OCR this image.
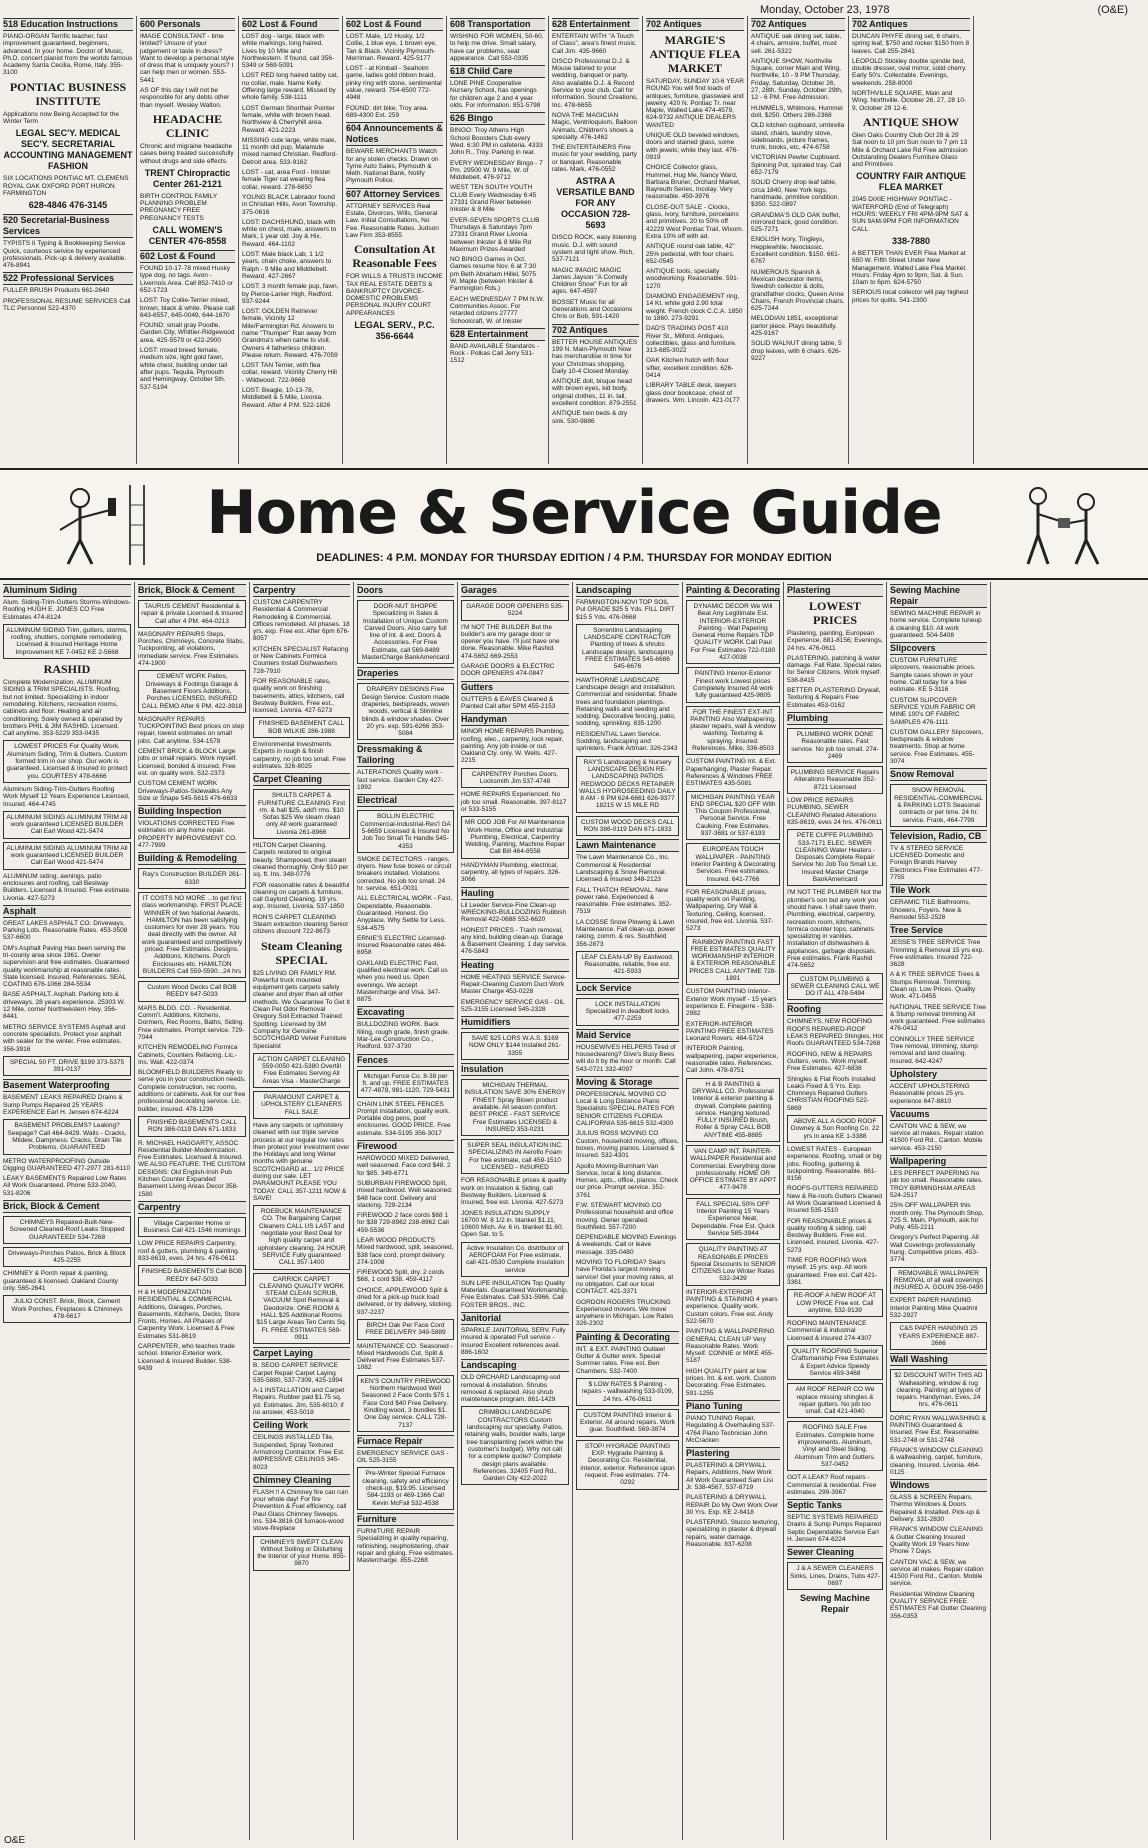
Monday, October 23, 1978	(O&E)
518 Education Instructions
PIANO-ORGAN Terrific teacher, fast improvement guaranteed, beginners, advanced. In your home. Doctor of Music, Ph.D. concert pianist from the worlds famous Academy Santa Cecilia, Rome, Italy. 355-3100
PONTIAC BUSINESS INSTITUTE
Applications now Being Accepted for the Winter Term
LEGAL SEC'Y. MEDICAL SEC'Y. SECRETARIAL ACCOUNTING MANAGEMENT FASHION
SIX LOCATIONS PONTIAC MT. CLEMENS ROYAL OAK OXFORD PORT HURON FARMINGTON
628-4846 476-3145
520 Secretarial-Business Services
TYPISTS II Typing & Bookkeeping Service Quick, courteous service by experienced professionals. Pick-up & delivery available. 476-8941
522 Professional Services
FULLER BRUSH Products 661-2640
PROFESSIONAL RESUME SERVICES Call TLC Personnel 522-4370
600 Personals
IMAGE CONSULTANT - time limited? Unsure of your judgement or taste in dress? Want to develop a personal style of dress that is uniquely yours? I can help men or women. 553-5441
AS OF this day I will not be responsible for any debts other than myself. Wesley Walton.
HEADACHE CLINIC
Chronic and migraine headache cases being treated successfully without drugs and side effects.
TRENT Chiropractic Center 261-2121
BIRTH CONTROL FAMILY PLANNING PROBLEM PREGNANCY FREE PREGNANCY TESTS
CALL WOMEN'S CENTER 476-8558
602 Lost & Found
FOUND 10-17-78 mixed Husky type dog, no tags. Avon - Livernois Area. Call 852-7410 or 652-1723
LOST: Toy Collie-Terrier mixed, brown, black & white. Please call 643-6557, 645-0049, 644-1670
FOUND: small gray Poodle, Garden City, Whittier-Ridgewood area. 425-5579 or 422-2900
LOST: mixed breed female, medium size, light gold fawn, white chest, building under tail after pups. Tequila. Plymouth and Hemingway, October 5th. 537-5194
602 Lost & Found
LOST dog - large, black with white markings, long haired. Lives by 10 Mile and Northwestern. If found, call 356-5349 or 569-5091
LOST RED long haired tabby cat, no collar, male. Name Kelly. Offering large reward. Missed by whole family. 538-1111
LOST German Shorthair Pointer female, white with brown head. Northview & Cherryhill area. Reward. 421-2223
MISSING cute large, white male, 11 month old pup, Malamute mixed named Christian. Redford-Detroit area. 533-9162
LOST - cat, area Ford - Inkster female Tiger cat wearing flea collar, reward. 278-6650
YOUNG BLACK Labrador found in Christian Hills, Avon Township. 375-0616
LOST: DACHSHUND, black with white on chest, male, answers to Mark, 1 year old. Joy & Hix. Reward. 464-1102
LOST: Male black Lab, 1 1/2 years, chain choke, answers to Ralph - 9 Mile and Middlebelt. Reward. 427-2667
LOST: 3 month female pup, fawn, by Pierce-Lanier High, Redford. 937-9244
LOST: GOLDEN Retriever female, Vicinity 12 Mile/Farmington Rd. Answers to name "Thumper" Ran away from Grandma's when came to visit. Owners 4 fatherless children. Please return. Reward. 476-7059
LOST TAN Terrier, with flea collar, reward. Vicinity Cherry Hill - Wildwood. 722-9668
LOST: Beagle, 10-13-78, Middlebelt & 5 Mile, Livonia. Reward. After 4 P.M. 522-1826
602 Lost & Found
LOST: Male, 1/2 Husky, 1/2 Collie, 1 blue eye, 1 brown eye, Tan & Black. Vicinity Plymouth-Merriman. Reward. 425-5177
LOST - at Kimball - Seaholm game, ladies gold ribbon braid, pinky ring with stone, sentimental value, reward. 754-6500 772-4948
FOUND: dirt bike, Troy area. 689-4300 Ext. 259
604 Announcements & Notices
BEWARE MERCHANTS Watch for any stolen checks. Drawn on Tyme Auto Sales, Plymouth & Meth. National Bank, Notify Plymouth Police.
607 Attorney Services
ATTORNEY SERVICES Real Estate, Divorces, Wills, General Law. Initial Consultations, No Fee. Reasonable Rates. Judson Law Firm 353-8555
Consultation At Reasonable Fees
FOR WILLS & TRUSTS INCOME TAX REAL ESTATE DEBTS & BANKRUPTCY DIVORCE-DOMESTIC PROBLEMS PERSONAL INJURY COURT APPEARANCES
LEGAL SERV., P.C. 356-6644
608 Transportation
WISHING FOR WOMEN, 50-60, to help me drive. Small salary, have car problems, seat appearance. Call 553-0335
618 Child Care
LONE PINE Cooperative Nursery School, has openings for children age 2 and 4 year olds. For information. 851-5798
626 Bingo
BINGO: Troy Athens High School Boosters Club every Wed. 6:30 PM in cafeteria. 4333 John R., Troy. Parking in rear.
EVERY WEDNESDAY Bingo - 7 Pm. 29500 W. 9 Mile, W. of Middlebelt. 476-9712
WEST TEN SOUTH YOUTH CLUB Every Wednesday 6:45 27331 Grand River between Inkster & 8 Mile
EVER-SEVEN SPORTS CLUB Thursdays & Saturdays 7pm 27331 Grand River Livonia between Inkster & 8 Mile Rd Maximum Prizes Awarded
NO BINGO Games in Oct. Games resume Nov. 6 at 7:30 pm Beth Abraham Hillel, 5075 W. Maple (between Inkster & Farmington Rds.)
EACH WEDNESDAY 7 PM N.W. Communities Assoc. For retarded citizens 27777 Schoolcraft, W. of Inkster
628 Entertainment
BAND AVAILABLE Standards - Rock - Polkas Call Jerry 531-1512
628 Entertainment
ENTERTAIN WITH "A Touch of Class", area's finest music. Call Jim. 435-9660
DISCO Professional D.J. & Mouse tailored to your wedding, banquet or party. Also available D.J. & Record Service to your club. Call for information. Sound Creations, Inc. 478-6655
NOVA THE MAGICIAN Magic, Ventriloquism, Balloon Animals, Children's shows a specialty. 476-1462
THE ENTERTAINERS Fine music for your wedding, party or banquet. Reasonable rates. Mark, 476-0552
ASTRA A VERSATILE BAND FOR ANY OCCASION 728-5693
DISCO ROCK, easy listening music. D.J. with sound system and light show. Rich, 537-7121
MAGIC IMAGIC MAGIC James Jayson "A Comedy Children Show" Fun for all ages. 647-4597
BOSSET Music for all Generations and Occasions Chris or Bob, 591-1420
702 Antiques
BETTER HOUSE ANTIQUES 199 N. Main-Plymouth Now has merchandise in time for your Christmas shopping. Daily 10-4 Closed Monday.
ANTIQUE doll, bisque head with brown eyes, kid body, original clothes, 11 in. tall, excellent condition. 879-2551
ANTIQUE twin beds & dry sink. 530-9886
702 Antiques
MARGIE'S ANTIQUE FLEA MARKET
SATURDAY, SUNDAY 10-6 YEAR ROUND You will find loads of antiques, furniture, glassware and jewelry. 420 N. Pontiac Tr. near Maple, Walled Lake 474-4579, 624-9732 ANTIQUE DEALERS WANTED
UNIQUE OLD beveled windows, doors and stained glass, some with jewels; while they last. 476-0919
CHOICE Collector glass, Hummel, Hug Me, Nancy Ward, Barbara Bruner, Orchard Market, Bayreuth Series, Incolay. Very reasonable. 459-3976
CLOSE-OUT SALE - Clocks, glass, ivory, furniture, porcelains and primitives. 20 to 50% off 42229 West Pontiac Trail, Wixom. Extra 10% off with ad.
ANTIQUE round oak table, 42" 25% pedestal, with four chairs. 652-0545
ANTIQUE tools, specialty woodworking. Reasonable. 591-1270
DIAMOND ENGAGEMENT ring, 14 Kt. white gold 2.90 total weight. French clock C.C.A. 1850 to 1860. 273-9291
DAD'S TRADING POST 410 River St., Milford. Antiques, collectibles, glass and furniture. 313-685-3022
OAK Kitchen hutch with flour sifter, excellent condition. 626-0414
LIBRARY TABLE desk, lawyers glass door bookcase, chest of drawers. Wm. Lincoln. 421-0177
702 Antiques
ANTIQUE oak dining set, table, 4 chairs, armoire, buffet, must sell. 261-5322
ANTIQUE SHOW, Northville Square, corner Main and Wing, Northville, 10 - 9 PM Thursday, Friday, Saturday, October 26, 27, 28th. Sunday, October 29th, 12 - 6 PM. Free Admission.
HUMMELS, Whitmore, Hummel doll, $250. Others 286-2368
OLD kitchen cupboard, umbrella stand, chairs, laundry stove, sideboards, picture frames, trunk, books, etc. 474-6758
VICTORIAN Pewter Cupboard. Spinning Pot, spiraled tray. Call 652-7179
SOLID Cherry drop leaf table, circa 1840, New York legs, handmade, primitive condition. $350. 522-0897
GRANDMA'S OLD OAK buffet, mirrored back, good condition. 525-7271
ENGLISH Ivory, Tingleys, Hepplewhite. Neoclassic. Excellent condition. $150. 661-6767
NUMEROUS Spanish & Mexican decorator items, Swedish collector & dolls, grandfather clocks, Queen Anne Chairs, French Provincial chairs. 625-7244
MELODIAN 1851, exceptional parlor piece. Plays beautifully. 425-9167
SOLID WALNUT dining table, 5 drop leaves, with 6 chairs. 626-9227
702 Antiques
DUNCAN PHYFE dining set, 6 chairs, spring leaf, $750 and rocker $150 from 8 leaves. Call 255-2841
LEOPOLD Stickley double spindle bed, double dresser, oval mirror, solid cherry. Early 50's. Collectable. Evenings, weekends. 258-8000
NORTHVILLE SQUARE, Main and Wing. Northville. October 26, 27, 28 10-9, October 29 12-6.
ANTIQUE SHOW
Glen Oaks Country Club Oct 28 & 29 Sat noon to 10 pm Sun noon to 7 pm 13 Mile & Orchard Lake Rd Free admission Outstanding Dealers Furniture Glass and Primitives
COUNTRY FAIR ANTIQUE FLEA MARKET
2045 DIXIE HIGHWAY PONTIAC - WATERFORD (End of Telegraph) HOURS: WEEKLY FRI 4PM-9PM SAT & SUN 9AM-9PM FOR INFORMATION CALL
338-7880
A BETTER THAN EVER Flea Market at 650 W. Fifth Street Under New Management. Walled Lake Flea Market. Hours: Friday 4pm to 9pm, Sat. & Sun. 10am to 6pm. 624-5750
SERIOUS local collector will pay highest prices for quilts. 541-2300
Home & Service Guide
DEADLINES: 4 P.M. MONDAY FOR THURSDAY EDITION / 4 P.M. THURSDAY FOR MONDAY EDITION
Aluminum Siding
Alum. Siding-Trim-Gutters Storms-Windows-Roofing HUGH E. JONES CO Free Estimates 474-8124
ALUMINUM SIDING Trim, gutters, storms, roofing, shutters, complete remodeling. Licensed & Insured Heritage Home Improvement KE 7-0452 KE 2-5668
RASHID
Complete Modernization. ALUMINUM SIDING & TRIM SPECIALISTS. Roofing, but not limited. Specializing in indoor remodeling. Kitchens, recreation rooms, cabinets and floor. Heating and air conditioning. Solely owned & operated by brothers PHIL & JIM RASHID. Licensed. Call anytime. 353-5229 353-0435
LOWEST PRICES For Quality Work. Aluminum Siding, Trim & Gutters. Custom formed trim in our shop. Our work is guaranteed. Licensed & Insured to protect you. COURTESY 478-6666
Aluminum Siding-Trim-Gutters Roofing Work Myself 12 Years Experience Licensed, Insured. 464-4745
ALUMINUM SIDING ALUMINUM TRIM All work guaranteed LICENSED BUILDER Call Earl Wood 421-5474
ALUMINUM SIDING ALUMINUM TRIM All work guaranteed LICENSED BUILDER Call Earl Wood 421-5474
ALUMINUM siding, awnings, patio enclosures and roofing, call Bestway Builders. Licensed & Insured. Free estimate. Livonia. 427-5273
Asphalt
GREAT LAKES ASPHALT CO. Driveways, Parking Lots. Reasonable Rates. 453-3508 537-6600
DM's Asphalt Paving Has been serving the tri-county area since 1961. Owner supervision and free estimates. Guaranteed quality workmanship at reasonable rates. State licensed. Insured. References. SEAL COATING 676-1066 284-5534
BASE ASPHALT. Asphalt. Parking lots & driveways. 28 years experience. 25303 W. 12 Mile, corner Northwestern Hwy. 356-8441
METRO SERVICE SYSTEMS Asphalt and concrete specialists. Protect your asphalt with sealer for the winter. Free estimates. 356-3916
SPECIAL 50 FT. DRIVE $199 373-5375 391-0137
Basement Waterproofing
BASEMENT LEAKS REPAIRED Drains & Sump Pumps Repaired 25 YEARS EXPERIENCE Earl H. Jensen 674-6224
BASEMENT PROBLEMS? Leaking? Seepage? Call 464-8429. Walls - Cracks, Mildew, Dampness. Cracks, Drain Tile Problems. GUARANTEED
METRO WATERPROOFING Outside Digging GUARANTEED 477-2977 281-6110
LEAKY BASEMENTS Repaired Low Rates All Work Guaranteed. Phone 533-2040, 531-8206
Brick, Block & Cement
CHIMNEYS Repaired-Built-New-Screened Cleaned-Roof Leaks Stopped GUARANTEED! 534-7268
Driveways-Porches Patios, Brick & Block 425-2255
CHIMNEY & Porch repair & painting, guaranteed & licensed. Oakland County only. 565-2641
JULIO CONST. Brick, Block, Cement Work Porches, Fireplaces & Chimneys 478-6617
Brick, Block & Cement
TAURUS CEMENT Residential & repair & private Licensed & Insured Call after 4 PM. 464-0213
MASONARY REPAIRS Steps, Porches, Chimneys, Concrete Slabs, Tuckpointing, all violations, immediate service. Free Estimates. 474-1900
CEMENT WORK Patios, Driveways & Footings Garage & Basement Floors Additions, Porches LICENSED, INSURED CALL REMO After 6 PM. 422-3918
MASONARY REPAIRS TUCKPOINTING Best prices on step repair, lowest estimates on small jobs. Call anytime. 534-1578
CEMENT BRICK & BLOCK Large jobs or small repairs. Work myself. Licensed, bonded & insured. Free est. on quality work. 532-2373
CUSTOM CEMENT WORK Driveways-Patios-Sidewalks Any Size or Shape 545-5615 476-6633
Building Inspection
VIOLATIONS CORRECTED Free estimates on any home repair. PROPERTY IMPROVEMENT CO. 477-7999
Building & Remodeling
Ray's Construction BUILDER 261-6330
IT COSTS NO MORE ...to get first class workmanship. FIRST PLACE WINNER of two National Awards, HAMILTON has been satisfying customers for over 28 years. You deal directly with the owner. All work guaranteed and competitively priced. Free Estimates. Designs. Additions. Kitchens. Porch Enclosures etc. HAMILTON BUILDERS Call 559-5590...24 hrs
Custom Wood Decks Call BOB REEDY 647-5033
MARS BLDG. CO. - Residential, Comm'l. Additions, Kitchens, Dormers, Rec Rooms, Baths, Siding. Free estimates. Prompt service. 729-7044
KITCHEN REMODELING Formica Cabinets, Counters Refacing. Lic.-Ins. Wall. 422-0374
BLOOMFIELD BUILDERS Ready to serve you in your construction needs. Complete construction, rec rooms, additions or cabinets. Ask for our free professional decorating service. Lic. builder, insured. 476-1236
FINISHED BASEMENTS CALL RON 386-0119 DAN 671-1833
R. MICHAEL HAGGARTY, ASSOC Residential Builder-Modernization. Free Estimates. Licensed & Insured. WE ALSO FEATURE: THE CUSTOM DESIGNS: Old English-Irish Pub Kitchen Counter Expanded Basement Living Areas Decor 358-1580
Carpentry
Village Carpenter Home or Business Call 421-1546 mornings
LOW PRICE REPAIRS Carpentry, roof & gutters, plumbing & painting. 833-8619, eves. 24 hrs. 476-0611
FINISHED BASEMENTS Call BOB REEDY 647-5033
H & H MODERNIZATION RESIDENTIAL & COMMERCIAL Additions, Garages, Porches, Basements, Kitchens, Decks, Store Fronts, Homes. All Phases of Carpentry Work. Licensed & Free Estimates 531-8619
CARPENTER, who teaches trade school. Interior-Exterior work. Licensed & Insured Builder. 538-9439
Carpentry
CUSTOM CARPENTRY Residential & Commercial Remodeling & Commercial. Offices remodeled. All phases. 18 yrs. exp. Free est. After 6pm 676-8057
KITCHEN SPECIALIST Refacing or New Cabinets Formica Counters Install Dishwashers 728-7910
FOR REASONABLE rates, quality work on finishing basements, attics, kitchens, call Bestway Builders. Free est., licensed, Livonia. 427-5273
FINISHED BASEMENT CALL BOB WILKIE 286-1988
Environmental Investments Experts in rough & finish carpentry, no job too small. Free estimates. 326-8025
Carpet Cleaning
SHULTS CARPET & FURNITURE CLEANING First rm. & hall $25, add'l rms. $10 Sofas $25 We steam clean only All work guaranteed Livonia 261-8966
HILTON Carpet Cleaning. Carpets restored to original beauty. Shampooed, then steam cleaned thoroughly. Only $10 per sq. ft. Ins. 348-0776
FOR reasonable rates & beautiful cleaning on carpets & furniture, call Gaylord Cleaning. 19 yrs. exp. Insured, Livonia. 537-1850
RON'S CARPET CLEANING Steam extraction cleaning Senior citizens discount 722-8673
Steam Cleaning SPECIAL
$25 LIVING OR FAMILY RM. Powerful truck mounted equipment gets carpets safely cleaner and dryer than all other methods. We Guarantee To Get It Clean Pet Odor Removal Gregory Soil Extracted Trained Spotting. Licensed by 3M Company for Genuine SCOTCHGARD Velvet Furniture Specialist
ACTION CARPET CLEANING 559-0050 421-5380 Overtill Free Estimates Serving All Areas Visa - MasterCharge
PARAMOUNT CARPET & UPHOLSTERY CLEANERS FALL SALE
Have any carpets or upholstery cleaned with our triple service process at our regular low rates then protect your investment over the Holidays and long Winter months with genuine SCOTCHGARD at... 1/2 PRICE during our sale. LET PARAMOUNT PLEASE YOU TODAY. CALL 357-1211 NOW & SAVE!
ROEBUCK MAINTENANCE CO. The Bargaining Carpet Cleaners CALL US LAST and negotiate your Best Deal for high quality carpet and upholstery cleaning. 24 HOUR SERVICE Fully guaranteed CALL 357-1400
CARRICK CARPET CLEANING QUALITY WORK STEAM CLEAN SCRUB, VACUUM Spot Removal & Deodorize. ONE ROOM & HALL $25 Additional Rooms $15 Large Areas Ten Cents Sq. Ft. FREE ESTIMATES 569-0911
Carpet Laying
B. SEOG CARPET SERVICE Carpet Repair Carpet Laying 535-5880, 537-7309, 425-1994
A-1 INSTALLATION and Carpet Repairs. Rubber pad $1.75 sq. yd. Estimates. Jim, 535-6010; if no answer, 453-5018
Ceiling Work
CEILINGS INSTALLED Tile, Suspended, Spray Textured Armstrong Contractor. Free Est. IMPRESSIVE CEILINGS 345-8023
Chimney Cleaning
FLASH !! A Chimney fire can ruin your whole day! For fire Prevention & Fuel efficiency, call Paul Glass Chimney Sweeps. Ins. 534-3816 Oil furnace-wood stove-fireplace
CHIMNEYS SWEPT CLEAN Without Soiling or Disturbing the Interior of your Home. 855-9870
Doors
DOOR-NUT SHOPPE Specializing in Sales & Installation of Unique Custom Carved Doors. Also carry full line of int. & ext. Doors & Accessories. For Free Estimate, call 569-8489 MasterCharge BankAmericard
Draperies
DRAPERY DESIGNS Free Design Service. Custom made draperies, bedspreads, woven woods, vertical & Slimline blinds & window shades. Over 20 yrs. exp. 591-6266 353-5084
Dressmaking & Tailoring
ALTERATIONS Quality work - fast service. Garden City 427-1992
Electrical
BOLLIN ELECTRIC Commercial-Industrial-Res'l GA 5-6659 Licensed & Insured No Job Too Small To Handle 545-4353
SMOKE DETECTORS - ranges, dryers. New fuse boxes or circuit breakers installed. Violations corrected. No job too small. 24 hr. service. 651-0031
ALL ELECTRICAL WORK - Fast, Dependable, Reasonable. Guaranteed. Honest. Go Anyplace. Why Settle for Less. 534-4575
ERNIE'S ELECTRIC Licensed-Insured Reasonable rates 464-6958
OAKLAND ELECTRIC Fast, qualified electrical work. Call us when you need us. Open evenings. We accept Mastercharge and Visa. 347-8875
Excavating
BULLDOZING WORK. Back filling, rough grade, finish grade. Mar-Lee Construction Co., Redford. 937-3730
Fences
Michigan Fence Co. 8-38 per ft. and up. FREE ESTIMATES 477-4878, 981-1120, 729-5431
CHAIN LINK STEEL FENCES Prompt installation, quality work. Portable dog pens, pool enclosures. GOOD PRICE. Free estimate. 534-5195 356-3017
Firewood
HARDWOOD MIXED Delivered, well seasoned. Face cord $48. 2 for $85. 349-6771
SUBURBAN FIREWOOD Split, mixed hardwood. Well seasoned. $48 face cord. Delivery and stacking. 729-2134
FIREWOOD 2 face cords $68 1 for $38 729-8962 238-8962 Call 459-5536
LEAR WOOD PRODUCTS Mixed hardwood, split, seasoned, $38 face cord, prompt delivery. 274-1008
FIREWOOD Split, dry. 2 cords $68, 1 cord $38. 459-4117
CHOICE, APPLEWOOD Split & dried for a pick-up truck load delivered, or try delivery, sticking. 937-2237
BIRCH Oak Per Face Cord FREE DELIVERY 349-5889
MAINTENANCE CO. Seasoned - Mixed Hardwoods Cut, Split & Delivered Free Estimates 537-1082
KEN'S COUNTRY FIREWOOD Northern Hardwood Well Seasoned 2 Face Cords $75 1 Face Cord $40 Free Delivery. Kindling wood, 3 bundles $1. One Day service. CALL 728-7137
Furnace Repair
EMERGENCY SERVICE GAS - OIL 525-3155
Pre-Winter Special Furnace cleaning, safety and efficiency check-up, $19.95. Licensed 584-1193 or 469-1366 Call Kevin McFall 532-4538
Furniture
FURNITURE REPAIR Specializing in quality repairing, refinishing, reupholstering, chair repair and gluing. Free estimates. Mastercharge. 855-2268
Garages
GARAGE DOOR OPENERS 535-5224
I'M NOT THE BUILDER But the builder's are my garage door or opener you have. I'll just have one done. Reasonable. Mike Rashid. 474-5652 669-2553
GARAGE DOORS & ELECTRIC DOOR OPENERS 474-0847
Gutters
GUTTERS & EAVES Cleaned & Painted Call after 5PM 455-2153
Handyman
MINOR HOME REPAIRS Plumbing, roofing, elec., carpentry, lock repair, painting. Any job inside or out. Oakland Cty. only. W. Wells. 427-2215
CARPENTRY Porches Doors, Locksmith Jim 537-4748
HOME REPAIRS Experienced. No job too small. Reasonable. 397-8117 or 533-5155
MR ODD JOB For All Maintenance Work Home, Office and Industrial Plumbing, Electrical, Carpentry Welding, Painting, Machine Repair Call Bill 464-8558
HANDYMAN Plumbing, electrical, carpentry, all types of repairs. 326-3066
Hauling
Lil Leeder Service-Fine Clean-up WRECKING-BULLDOZING Rubbish Removal 422-0688 552-6620
HONEST PRICES - Trash removal, any kind, building clean-up. Garage & Basement Cleaning. 1 day service. 476-5843
Heating
HOME HEATING SERVICE Service-Repair-Cleaning Custom Duct Work Master Charge 453-0228
EMERGENCY SERVICE GAS - OIL 525-3155 Licensed 545-2328
Humidifiers
SAVE $25 LORS W.A.S. $169 NOW ONLY $144 Installed 261-3355
Insulation
MICHIGAN THERMAL INSULATION SAVE 30% ENERGY FINEST Spray Blown product available. All season comfort. BEST PRICE - FAST SERVICE Free Estimates LICENSED & INSURED 353-0231
SUPER SEAL INSULATION INC. SPECIALIZING IN Aeroflo Foam For free estimate, call 459-1510 LICENSED - INSURED
FOR REASONABLE prices & quality work on Insulation & Siding, call Bestway Builders. Licensed & Insured, free est. Livonia. 427-5273
JONES INSULATION SUPPLY 16700 W. 8 1/2 in. blanket $1.11, 10600 Mich. Av. 6 in. blanket $1.60. Open Sat. to 5.
Active Insulation Co. distributor of AEROFOAM For Free estimate, call 421-0530 Complete insulation service
SUN LIFE INSULATION Top Quality Materials. Guaranteed Workmanship. Free Estimates. Call 531-5966. Call FOSTER BROS., INC.
Janitorial
SPARKLE JANITORIAL SERV. Fully insured & operated Full service - Insured Excellent references avail. 886-1602
Landscaping
OLD ORCHARD Landscaping-sod removal & installation. Shrubs removed & replaced. Also shrub maintenance program. 861-1429
CRIMBOLI LANDSCAPE CONTRACTORS Custom landscaping our specialty. Patios, retaining walls, boulder walls, large tree transplanting (work within the customer's budget). Why not call for a complete quote? Complete design plans available. References. 32405 Ford Rd., Garden City 422-2022
Landscaping
FARMINGTON-NOVI TOP SOIL Pul GRADE $25 5 Yds. FILL DIRT $15 5 Yds. 476-0668
Sorrentino Landscaping LANDSCAPE CONTRACTOR Planting of trees & shrubs Landscape design, landscaping FREE ESTIMATES 545-6686 545-6676
HAWTHORNE LANDSCAPE Landscape design and installation. Commercial and residential. Shade trees and foundation plantings. Retaining walls and seeding and sodding. Decorative fencing, patio, sodding, sprinkling. 835-1200
RESIDENTIAL Lawn Service. Sodding, landscaping and sprinklers. Frank Artman. 326-2343
RAY'S Landscaping & Nursery LANDSCAPE DESIGN RE-LANDSCAPING PATIOS REDWOOD DECKS RETAINER WALLS HYDROSEEDING DAILY 8 AM - 6 PM 624-6661 626-9377 18215 W 15 MILE RD
CUSTOM WOOD DECKS CALL RON 386-0119 DAN 671-1833
Lawn Maintenance
The Lawn Maintenance Co., Inc. Commercial & Residential Landscaping & Snow Removal. Licensed & Insured 348-2123
FALL THATCH REMOVAL. New power rake. Experienced & reasonable. Free estimates. 352-7519
LA COSSE Snow Plowing & Lawn Maintenance. Fall clean-up, power raking, comm. & res. Southfield 356-2873
LEAF CLEAN-UP By Eastwood. Reasonable, reliable, free est. 421-5933
Lock Service
LOCK INSTALLATION Specialized in deadbolt locks 477-2253
Maid Service
HOUSEWIVES HELPERS Tired of housecleaning? Give's Busy Bees will do it by the hour or month. Call 543-0721 332-4097
Moving & Storage
PROFESSIONAL MOVING CO Local & Long Distance Piano Specialists SPECIAL RATES FOR SENIOR CITIZENS FLORIDA CALIFORNIA 535-6615 532-4300
JULIUS ROSS MOVING CO Custom, household moving, offices, boxes, moving pianos. Licensed & Insured. 532-4301
Apollo Moving-Burnham Van Service, local & long distance. Homes, apts., office, pianos. Check our price. Prompt service. 352-3761
F.W. STEWART MOVING CO Professional household and office moving. Owner operated. Southfield. 557-7200
DEPENDABLE MOVING Evenings & weekends. Call or leave message. 335-0480
MOVING TO FLORIDA? Sears have Florida's largest moving service! Get your moving rates, at no obligation. Call our local CONTACT. 421-3371
GORDON ROGERS TRUCKING Experienced movers. We move anywhere in Michigan. Low Rates 326-2302
Painting & Decorating
INT. & EXT. PAINTING Outlaw! Gutter & Gutter work. Special Summer rates. Free est. Ben Chambers. 532-7400
$ LOW RATES $ Painting - repairs - wallwashing 533-9109, 24 hrs. 476-0611
CUSTOM PAINTING Interior & Exterior. All around repairs. Work guar. Southfield. 569-3874
STOP! HYGRADE PAINTING EXP. Hygrade Painting & Decorating Co. Residential, interior, exterior. Reference upon request. Free estimates. 774-0292
Painting & Decorating
DYNAMIC DECOR We Will Beat Any Legitimate Est. INTERIOR-EXTERIOR Painting - Wall Papering General Home Repairs TOP QUALITY WORK Call Paul For Free Estimates 722-0180 427-0038
PAINTING Interior-Exterior Finest work Lowest prices Completely Insured All work fully guaranteed 425-9805
FOR THE FINEST EXT-INT PAINTING Also Wallpapering, plaster repairs, wall & window washing. Texturing & spraying. Insured. References. Mike, 336-8503
CUSTOM PAINTING Int. & Ext. Paperhanging, Plaster Repair. References & Windows FREE ESTIMATES 435-5081
MICHIGAN PAINTING YEAR END SPECIAL $20 OFF With This Coupon Professional, Personal Service. Free Caulking. Free Estimates. 937-3681 or 537-6193
EUROPEAN TOUCH WALLPAPER - PAINTING Interior Painting & Decorating Services. Free estimates. Insured. 641-7766
FOR REASONABLE prices, quality work on Painting, Wallpapering, Dry Wall & Texturing, Ceiling, licensed, insured, free est. Livonia. 537-5273
RAINBOW PAINTING FAST FREE ESTIMATES QUALITY WORKMANSHIP INTERIOR & EXTERIOR REASONABLE PRICES CALL ANYTIME 728-1891
CUSTOM PAINTING Interior-Exterior Work myself - 15 years experience E. Finegerre - 538-2982
EXTERIOR-INTERIOR PAINTING FREE ESTIMATES Leonard Rovers. 484-5724
INTERIOR Painting, wallpapering, paper experience, reasonable rates. References. Call John. 478-8751
H & B PAINTING & DRYWALL CO. Professional Interior & exterior painting & drywall. Complete painting service. Hanging textured. FULLY INSURED Brush, Roller & Spray CALL BOB ANYTIME 455-8885
VAN CAMP INT. PAINTER-WALLPAPER Residential and Commercial. Everything done professionally. HOME OR OFFICE ESTIMATE BY APPT 477-9478
FALL SPECIAL 50% OFF Interior Painting 15 Years Experience Neat, Dependable. Free Est. Quick Service 585-3944
QUALITY PAINTING AT REASONABLE PRICES Special Discounts to SENIOR CITIZENS Low Winter Rates 532-3439
INTERIOR-EXTERIOR PAINTING & STAINING 4 years experience. Quality work. Custom colors. Free est. Andy 522-5670
PAINTING & WALLPAPERING GENERAL CLEAN UP Very Reasonable Rates. Work Myself. CONNIE or MIKE 455-5187
HIGH QUALITY paint at low prices. Int. & ext. work. Custom Decorating. Free Estimates. 591-1255
Piano Tuning
PIANO TUNING Repair, Regulating & Overhauling 537-4764 Piano Technician John McCracken
Plastering
PLASTERING & DRYWALL Repairs, Additions, New Work All Work Guaranteed Sam Lisi Jr. 538-4567, 537-8719
PLASTERING & DRYWALL REPAIR Do My Own Work Over 30 Yrs. Exp. KE 2-8418
PLASTERING, Stucco texturing, specializing in plaster & drywall repairs, water damage. Reasonable. 837-6208
Plastering
LOWEST PRICES
Plastering, painting, European Experience, 881-8156; Evenings, 24 hrs. 476-0611
PLASTERING, patching & water damage. Fall Rate. Special rates for Senior Citizens. Work myself. 538-8415
BETTER PLASTERING Drywall, Texturing & Repairs Free Estimates 453-0162
Plumbing
PLUMBING WORK DONE Reasonable rates. Fast service. No job too small. 274-2469
PLUMBING SERVICE Repairs Alterations Reasonable 352-8721 Licensed
LOW PRICE REPAIRS PLUMBING, SEWER CLEANING Related Alterations 835-8619, eves 24 hrs. 476-0611
PETE CUFFE PLUMBING 533-7171 ELEC. SEWER CLEANING Water Heaters - Disposals Complete Repair Service No Job Too Small Lic. Insured Master Charge BankAmericard
I'M NOT THE PLUMBER Not the plumber's son but any work you should have. I shall save them. Plumbing, electrical, carpentry, recreation room, kitchens, formica counter tops, cabinets specializing in vanities. Installation of dishwashers & appliances, garbage disposals. Free estimates. Frank Rashid 474-5652
CUSTOM PLUMBING & SEWER CLEANING CALL WE DO IT ALL 478-5494
Roofing
CHIMNEYS, NEW ROOFING ROOFS REPAIRED-ROOF LEAKS REPAIRED Shingles, Hot Roofs GUARANTEED 534-7268
ROOFING, NEW & REPAIRS Gutters, vents. Work myself. Free Estimates. 427-6838
Shingles & Flat Roofs Installed Leaks Fixed & 5 Yrs. Exp. Chimneys Repaired Gutters CHRISTIAN ROOFING 522-5869
ABOVE ALL A GOOD ROOF Downey & Son Roofing Co. 22 yrs in area KE 1-3388
LOWEST RATES - European experience. Roofing, small or big jobs. Roofing, guttering & tuckpointing. Reasonable. 861-8156
ROOFS-GUTTERS REPAIRED New & Re-roofs Gutters Cleaned All Work Guaranteed Licensed & Insured 535-1510
FOR REASONABLE prices & quality roofing & siding, call Bestway Builders. Free est. Licensed, insured, Livonia. 427-5273
TIME FOR ROOFING Work myself. 15 yrs. exp. All work guaranteed. Free est. Call 421-3361
RE-ROOF A NEW ROOF AT LOW PRICE Free est. Call anytime, 532-9139
ROOFING MAINTENANCE Commercial & industrial Licensed & insured 274-4307
QUALITY ROOFING Superior Craftsmanship Free Estimates & Expert Advice Speedy Service 459-3468
AM ROOF REPAIR CO We replace missing shingles & repair gutters. No job too small. Call 421-4040
ROOFING SALE Free Estimates. Complete home improvements. Aluminum, Vinyl and Steel Siding. Aluminum Trim and Gutters. 537-0452
GOT A LEAK? Roof repairs - Commercial & residential. Free estimates. 299-3967
Septic Tanks
SEPTIC SYSTEMS REPAIRED Drains & Sump Pumps Repaired Septic Dependable Service Earl H. Jensen 674-6224
Sewer Cleaning
J & A SEWER CLEANERS Sinks, Lines, Drains, Tubs 427-0697
Sewing Machine Repair
Sewing Machine Repair
SEWING MACHINE REPAIR in home service. Complete tuneup & cleaning $10. All work guaranteed. 504-5408
Slipcovers
CUSTOM FURNITURE slipcovers, reasonable prices. Sample cases shown in your home. Call today for a free estimate. KE 5-3116
CUSTOM SLIPCOVER SERVICE YOUR FABRIC OR MINE 100's OF FABRIC SAMPLES 476-1111
CUSTOM GALLERY Slipcovers, bedspreads & window treatments. Shop at home service. Free Estimates. 455-3074
Snow Removal
SNOW REMOVAL RESIDENTIAL-COMMERCIAL & PARKING LOTS Seasonal contracts or per time. 24 hr. service. Frank, 464-7799
Television, Radio, CB
TV & STEREO SERVICE LICENSED Domestic and Foreign Brands Harvey Electronics Free Estimates 477-7755
Tile Work
CERAMIC TILE Bathrooms, Showers, Foyers. New & Remodel 552-2528
Tree Service
JESSE'S TREE SERVICE Tree Trimming & Removal 15 yrs exp. Free estimates. Insured 722-3628
A & K TREE SERVICE Trees & Stumps Removal. Trimming. Clean up. Low Prices. Quality Work. 471-0455
NATIONAL TREE SERVICE Tree & Stump removal trimming All work guaranteed. Free estimates 476-0412
CONNOLLY TREE SERVICE Tree removal, trimming, stump removal and land clearing. Insured. 642-4247
Upholstery
ACCENT UPHOLSTERING Reasonable prices 25 yrs. experience 647-8810
Vacuums
CANTON VAC & SEW, we service all makes. Repair station 41500 Ford Rd., Canton. Mobile service. 453-2150
Wallpapering
LES PERFECT PAPERING No job too small. Reasonable rates. TROY BIRMINGHAM AREAS 524-2517
25% OFF WALLPAPER this month only. The Plymouth Shop, 725 S. Main, Plymouth, ask for Polly. 455-2211
Gregory's Perfect Papering. All Wall Coverings professionally hung. Competitive prices. 453-3774
REMOVABLE WALLPAPER REMOVAL of all wall coverings INSURED A. GOUIN 356-0490
EXPERT PAPER HANGING Interior Painting Mike Quadrini 532-2927
C&S PAPER HANGING 25 YEARS EXPERIENCE 887-2666
Wall Washing
$2 DISCOUNT WITH THIS AD Wallwashing, window & rug cleaning. Painting all types of repairs. Handyman. Eves, 24 hrs. 476-0611
DORIC RYAN WALLWASHING & PAINTING Guaranteed & Insured. Free Est. Reasonable. 531-2748 or 531-2748
FRANK'S WINDOW CLEANING & wallwashing, carpet, furniture, cleaning. Insured. Livonia. 464-0125
Windows
GLASS & SCREEN Repairs. Thermo Windows & Doors Repaired & Installed. Pick-up & Delivery. 331-2830
FRANK'S WINDOW CLEANING & Gutter Cleaning Insured Quality Work 19 Years Now Phone 7 Days
CANTON VAC & SEW, we service all makes. Repair station 41500 Ford Rd., Canton. Mobile service.
Residential Window Cleaning QUALITY SERVICE FREE ESTIMATES Fall Gutter Cleaning 356-0353
O&E
